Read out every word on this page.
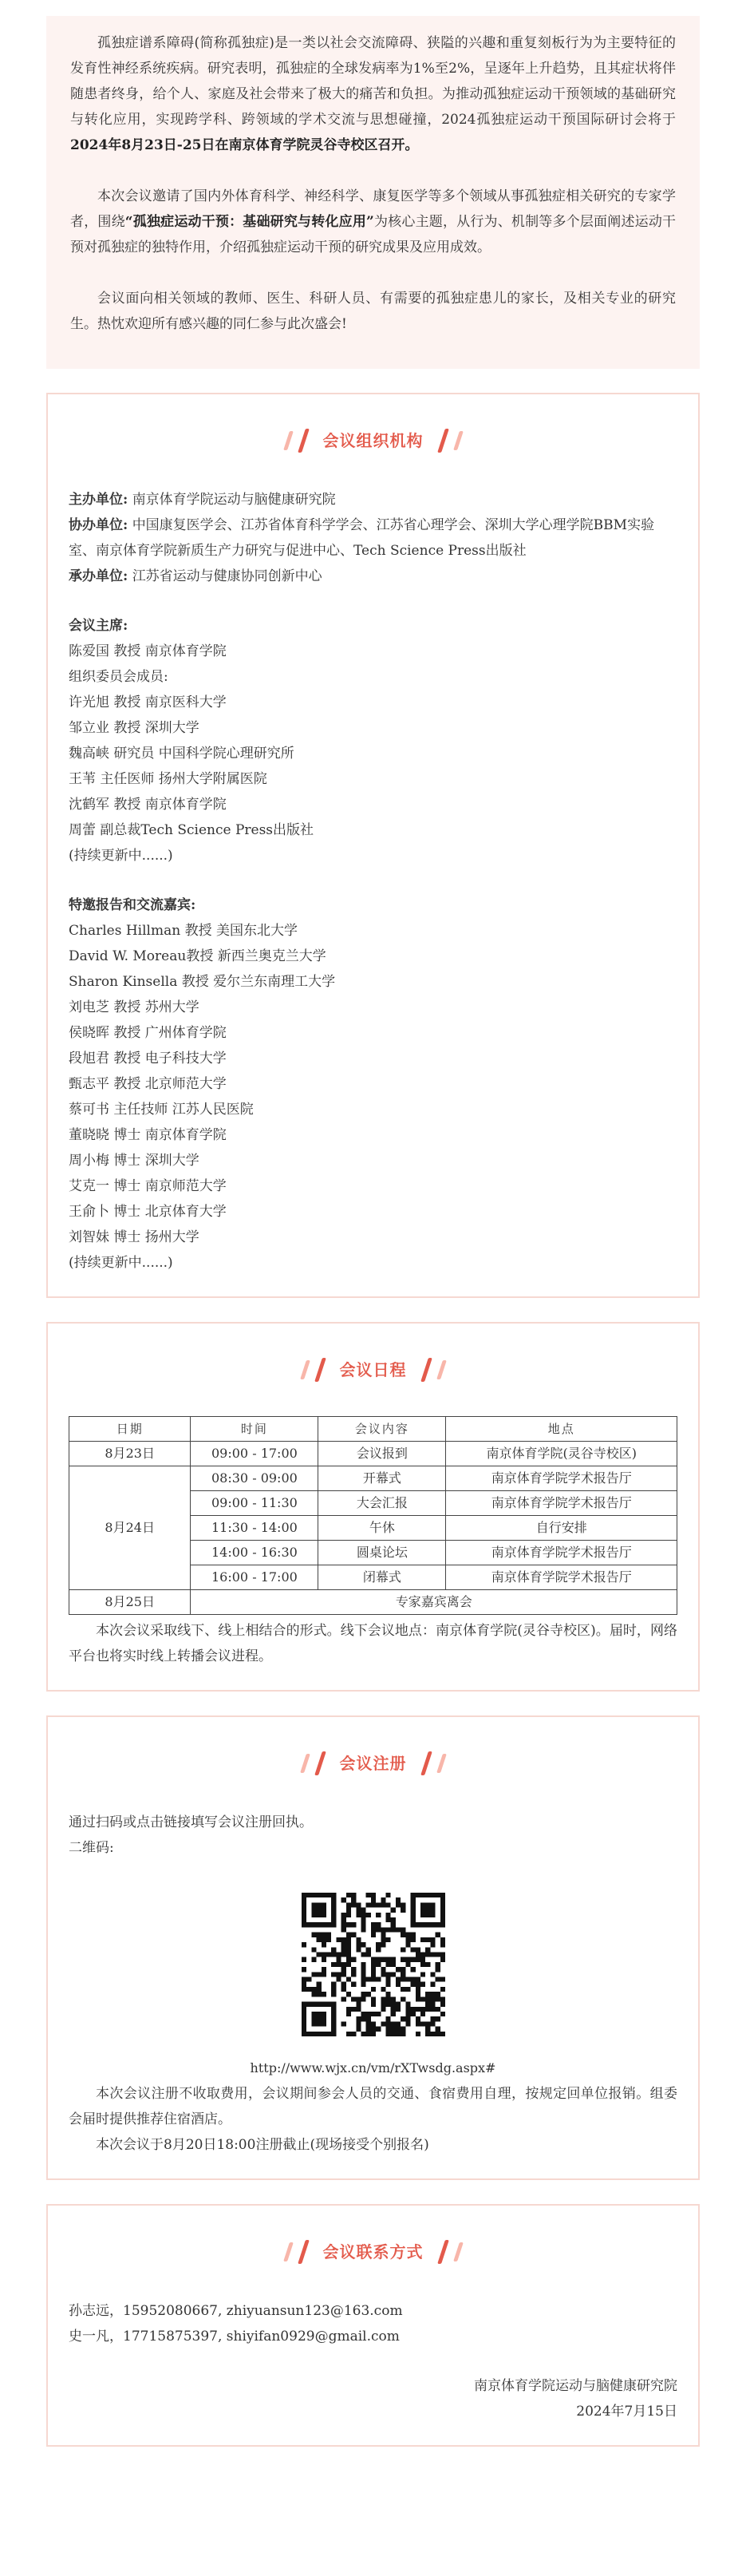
孤独症谱系障碍(简称孤独症)是一类以社会交流障碍、狭隘的兴趣和重复刻板行为为主要特征的发育性神经系统疾病。研究表明，孤独症的全球发病率为1%至2%，呈逐年上升趋势，且其症状将伴随患者终身，给个人、家庭及社会带来了极大的痛苦和负担。为推动孤独症运动干预领域的基础研究与转化应用，实现跨学科、跨领域的学术交流与思想碰撞，2024孤独症运动干预国际研讨会将于2024年8月23日-25日在南京体育学院灵谷寺校区召开。

本次会议邀请了国内外体育科学、神经科学、康复医学等多个领域从事孤独症相关研究的专家学者，围绕“孤独症运动干预：基础研究与转化应用”为核心主题，从行为、机制等多个层面阐述运动干预对孤独症的独特作用，介绍孤独症运动干预的研究成果及应用成效。

会议面向相关领域的教师、医生、科研人员、有需要的孤独症患儿的家长，及相关专业的研究生。热忱欢迎所有感兴趣的同仁参与此次盛会!

会议组织机构

主办单位: 南京体育学院运动与脑健康研究院

协办单位: 中国康复医学会、江苏省体育科学学会、江苏省心理学会、深圳大学心理学院BBM实验室、南京体育学院新质生产力研究与促进中心、Tech Science Press出版社

承办单位: 江苏省运动与健康协同创新中心

会议主席:

陈爱国 教授 南京体育学院

组织委员会成员:

许光旭 教授 南京医科大学

邹立业 教授 深圳大学

魏高峡 研究员 中国科学院心理研究所

王苇 主任医师 扬州大学附属医院

沈鹤军 教授 南京体育学院

周蕾 副总裁Tech Science Press出版社

(持续更新中......)

特邀报告和交流嘉宾:

Charles Hillman 教授 美国东北大学

David W. Moreau教授 新西兰奥克兰大学

Sharon Kinsella 教授 爱尔兰东南理工大学

刘电芝 教授 苏州大学

侯晓晖 教授 广州体育学院

段旭君 教授 电子科技大学

甄志平 教授 北京师范大学

蔡可书 主任技师 江苏人民医院

董晓晓 博士 南京体育学院

周小梅 博士 深圳大学

艾克一 博士 南京师范大学

王俞卜 博士 北京体育大学

刘智妹 博士 扬州大学

(持续更新中......)

会议日程
日期	时间	会议内容	地点
8月23日	09:00 - 17:00	会议报到	南京体育学院(灵谷寺校区)
8月24日	08:30 - 09:00	开幕式	南京体育学院学术报告厅
	09:00 - 11:30	大会汇报	南京体育学院学术报告厅
	11:30 - 14:00	午休	自行安排
	14:00 - 16:30	圆桌论坛	南京体育学院学术报告厅
	16:00 - 17:00	闭幕式	南京体育学院学术报告厅
8月25日	专家嘉宾离会		

本次会议采取线下、线上相结合的形式。线下会议地点：南京体育学院(灵谷寺校区)。届时，网络平台也将实时线上转播会议进程。

会议注册

通过扫码或点击链接填写会议注册回执。

二维码:

http://www.wjx.cn/vm/rXTwsdg.aspx#

本次会议注册不收取费用，会议期间参会人员的交通、食宿费用自理，按规定回单位报销。组委会届时提供推荐住宿酒店。

本次会议于8月20日18:00注册截止(现场接受个别报名)

会议联系方式

孙志远，15952080667, zhiyuansun123@163.com

史一凡，17715875397, shiyifan0929@gmail.com

南京体育学院运动与脑健康研究院

2024年7月15日
